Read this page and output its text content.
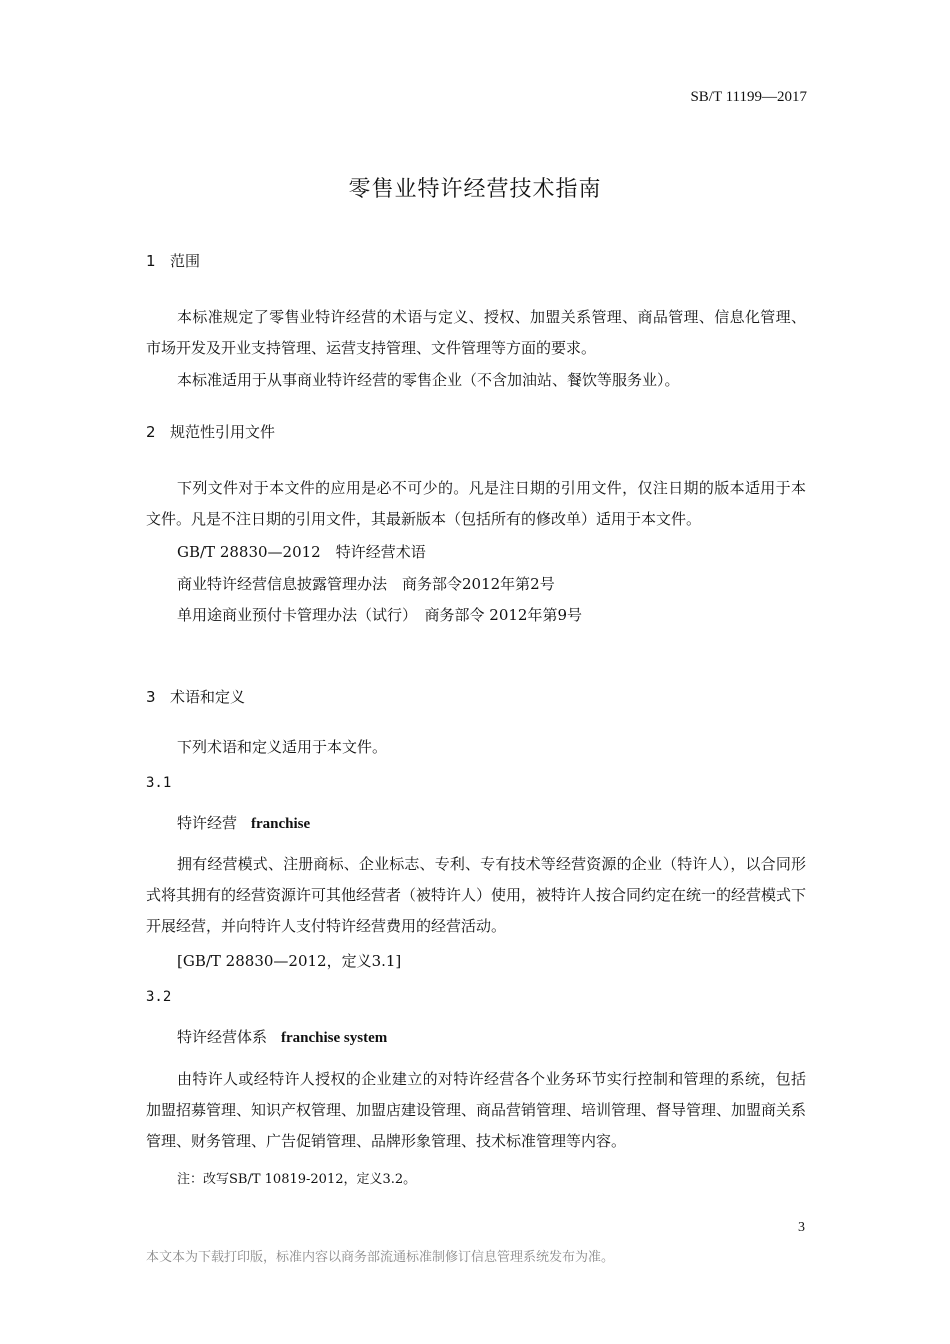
SB/T 11199—2017
零售业特许经营技术指南
1 范围
本标准规定了零售业特许经营的术语与定义、授权、加盟关系管理、商品管理、信息化管理、市场开发及开业支持管理、运营支持管理、文件管理等方面的要求。
本标准适用于从事商业特许经营的零售企业（不含加油站、餐饮等服务业）。
2 规范性引用文件
下列文件对于本文件的应用是必不可少的。凡是注日期的引用文件，仅注日期的版本适用于本文件。凡是不注日期的引用文件，其最新版本（包括所有的修改单）适用于本文件。
GB/T 28830—2012　特许经营术语
商业特许经营信息披露管理办法　商务部令2012年第2号
单用途商业预付卡管理办法（试行）　商务部令 2012年第9号
3 术语和定义
下列术语和定义适用于本文件。
3.1
特许经营 franchise
拥有经营模式、注册商标、企业标志、专利、专有技术等经营资源的企业（特许人），以合同形式将其拥有的经营资源许可其他经营者（被特许人）使用，被特许人按合同约定在统一的经营模式下开展经营，并向特许人支付特许经营费用的经营活动。
[GB/T 28830—2012，定义3.1]
3.2
特许经营体系 franchise system
由特许人或经特许人授权的企业建立的对特许经营各个业务环节实行控制和管理的系统，包括加盟招募管理、知识产权管理、加盟店建设管理、商品营销管理、培训管理、督导管理、加盟商关系管理、财务管理、广告促销管理、品牌形象管理、技术标准管理等内容。
注：改写SB/T 10819-2012，定义3.2。
3
本文本为下载打印版，标准内容以商务部流通标准制修订信息管理系统发布为准。
